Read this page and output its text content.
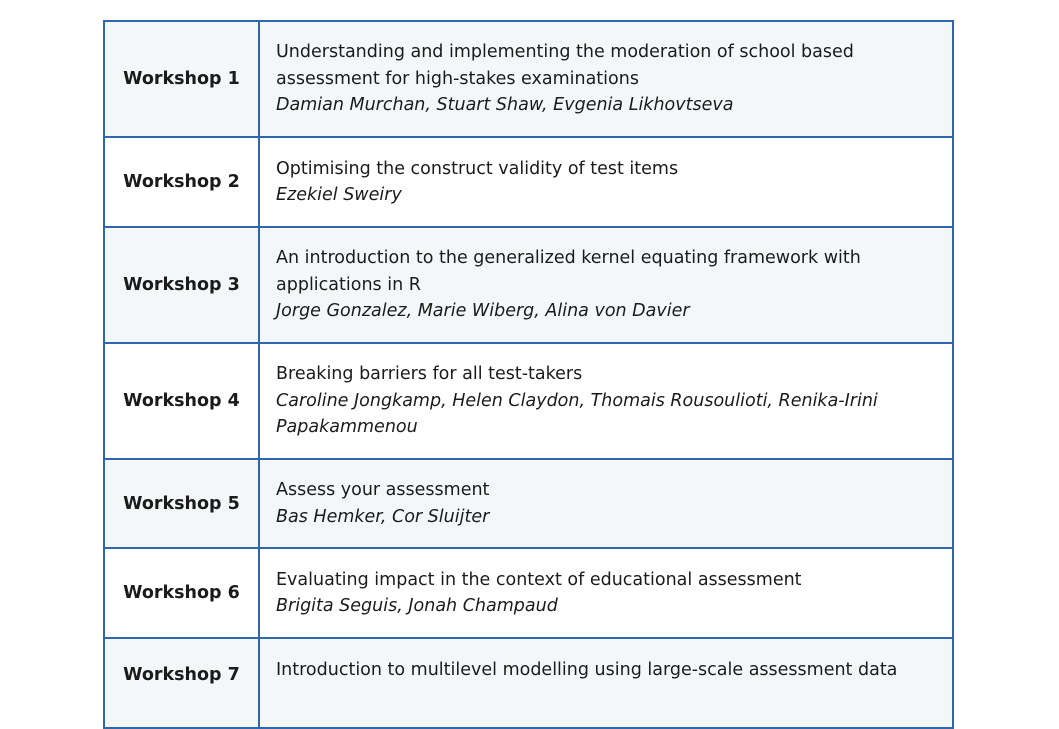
Workshop 1
Understanding and implementing the moderation of school based assessment for high-stakes examinations
Damian Murchan, Stuart Shaw, Evgenia Likhovtseva
Workshop 2
Optimising the construct validity of test items
Ezekiel Sweiry
Workshop 3
An introduction to the generalized kernel equating framework with applications in R
Jorge Gonzalez, Marie Wiberg, Alina von Davier
Workshop 4
Breaking barriers for all test-takers
Caroline Jongkamp, Helen Claydon, Thomais Rousoulioti, Renika-Irini Papakammenou
Workshop 5
Assess your assessment
Bas Hemker, Cor Sluijter
Workshop 6
Evaluating impact in the context of educational assessment
Brigita Seguis, Jonah Champaud
Workshop 7	Introduction to multilevel modelling using large-scale assessment data
